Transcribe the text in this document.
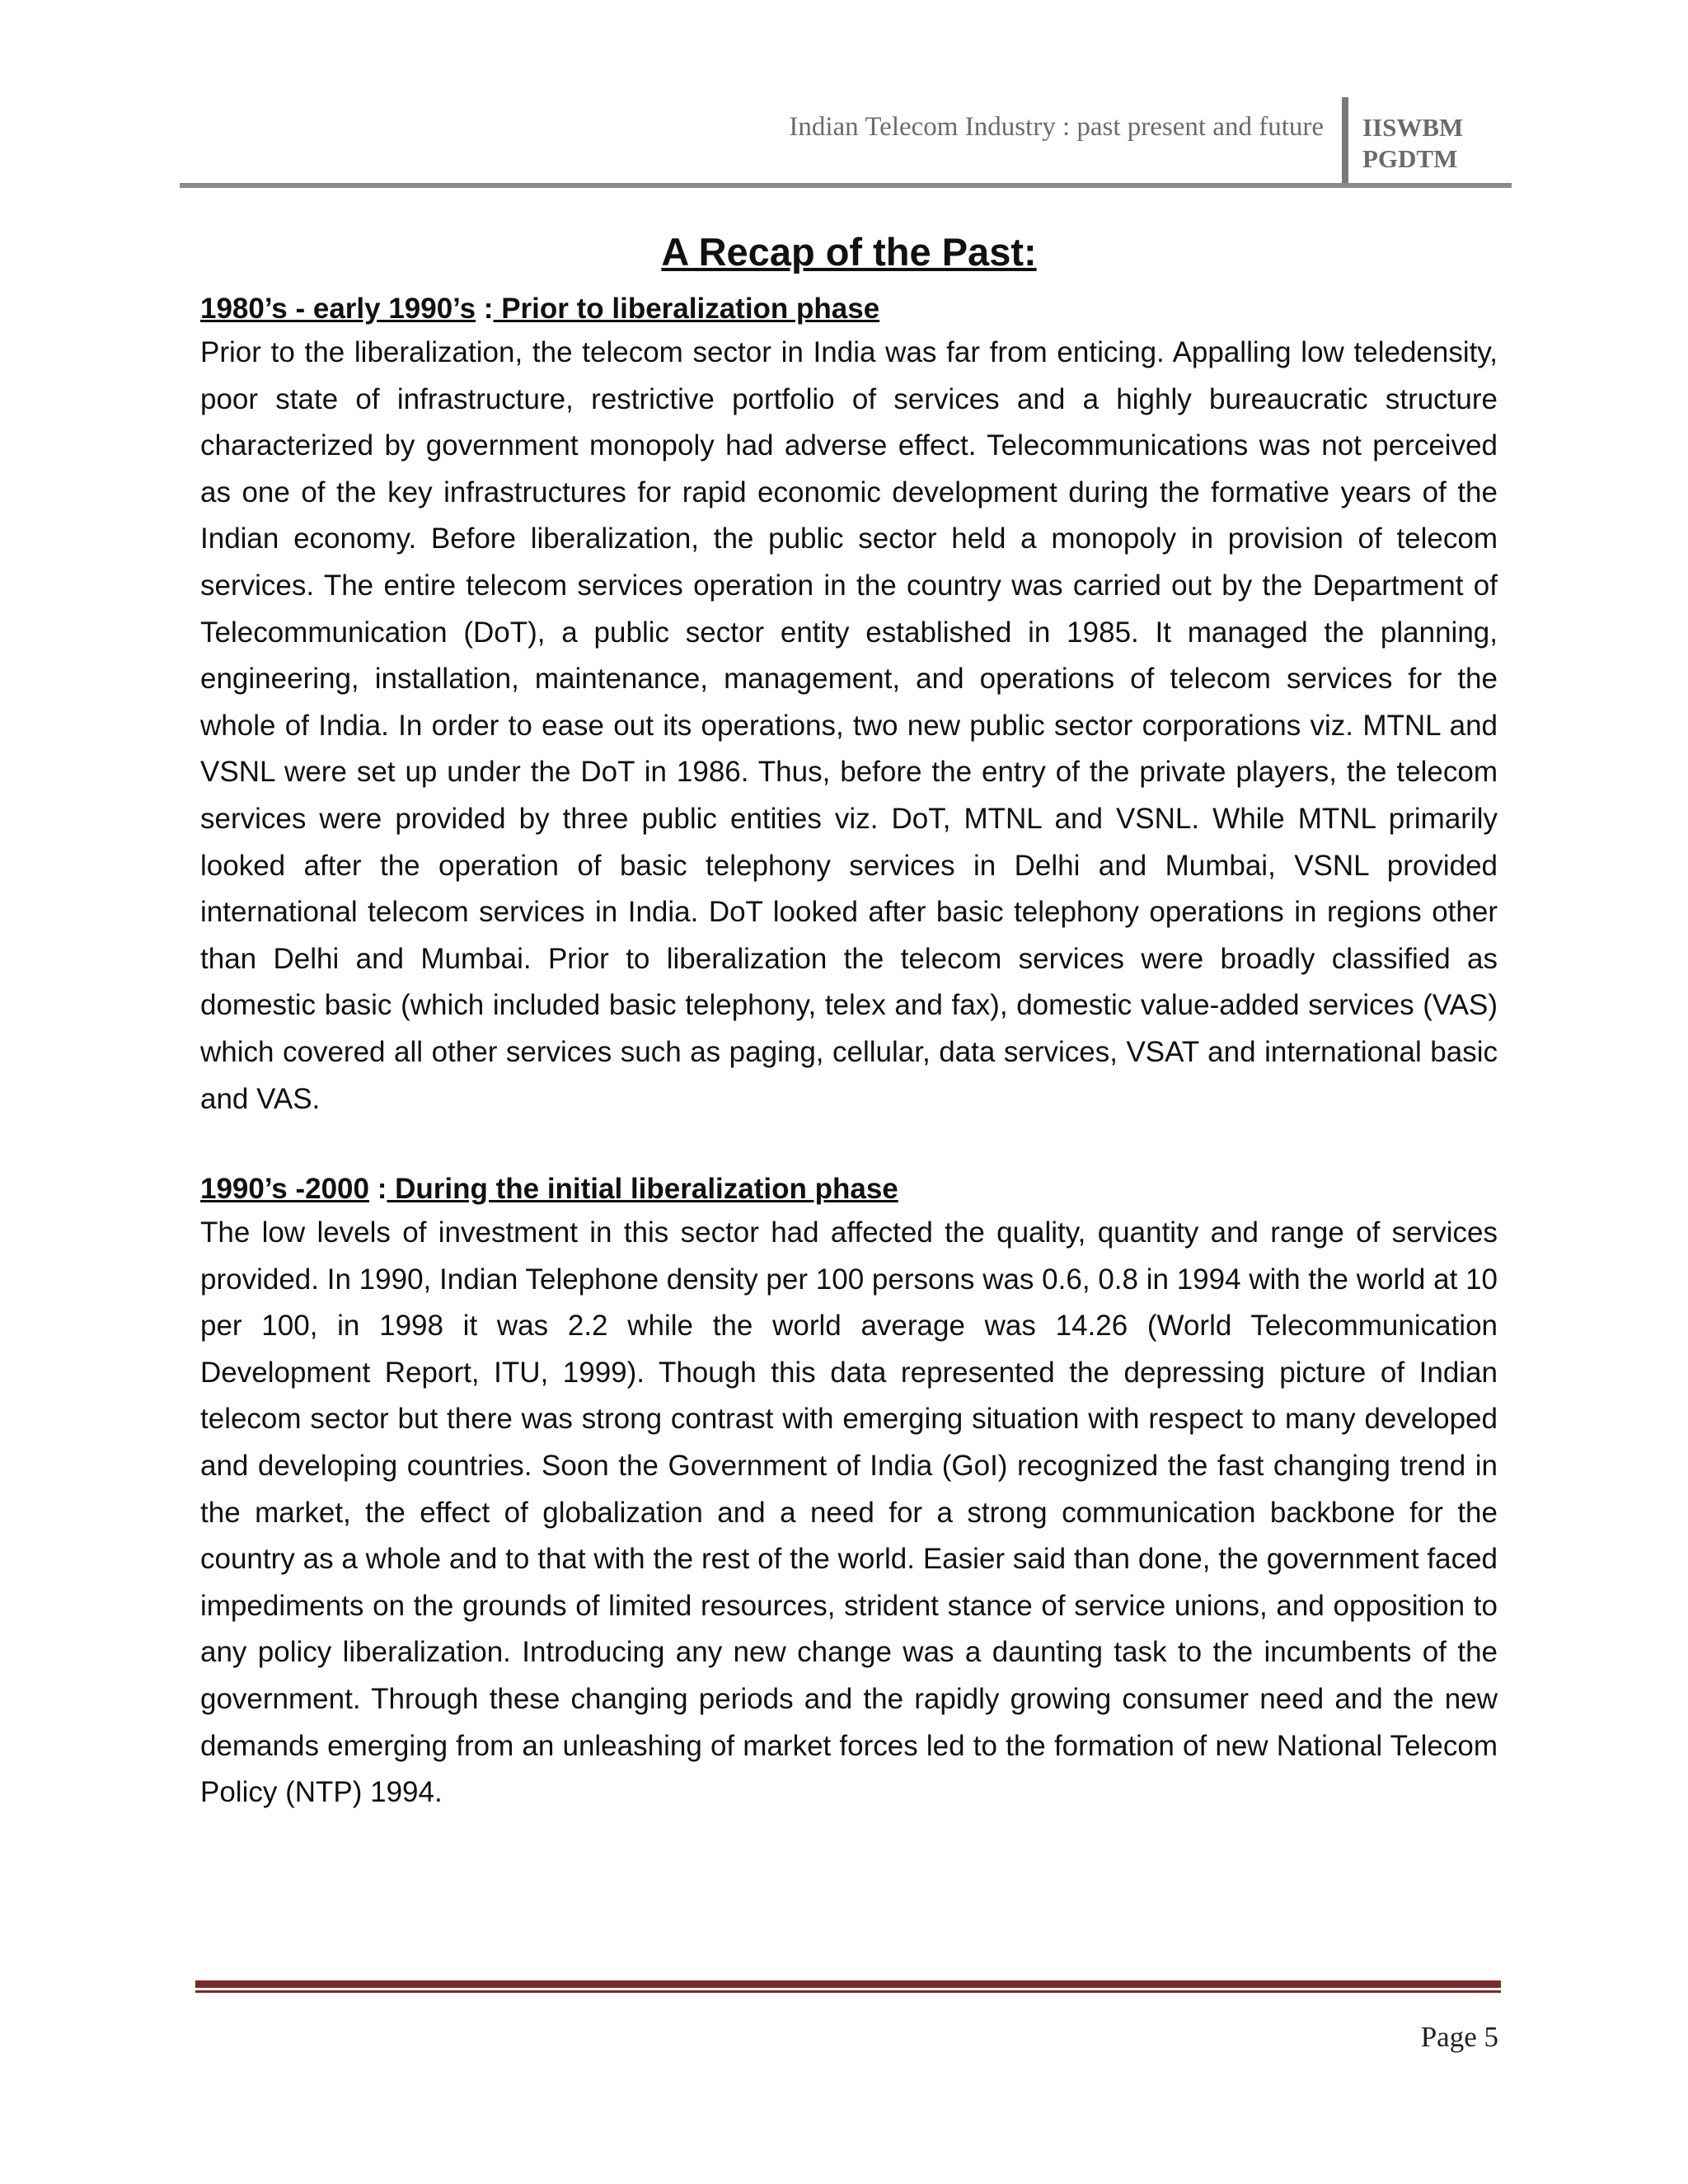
Indian Telecom Industry : past present and future IISWBM
PGDTM
A Recap of the Past:

1980’s - early 1990’s : Prior to liberalization phase

Prior to the liberalization, the telecom sector in India was far from enticing. Appalling low teledensity, poor state of infrastructure, restrictive portfolio of services and a highly bureaucratic structure characterized by government monopoly had adverse effect. Telecommunications was not perceived as one of the key infrastructures for rapid economic development during the formative years of the Indian economy. Before liberalization, the public sector held a monopoly in provision of telecom services. The entire telecom services operation in the country was carried out by the Department of Telecommunication (DoT), a public sector entity established in 1985. It managed the planning, engineering, installation, maintenance, management, and operations of telecom services for the whole of India. In order to ease out its operations, two new public sector corporations viz. MTNL and VSNL were set up under the DoT in 1986. Thus, before the entry of the private players, the telecom services were provided by three public entities viz. DoT, MTNL and VSNL. While MTNL primarily looked after the operation of basic telephony services in Delhi and Mumbai, VSNL provided international telecom services in India. DoT looked after basic telephony operations in regions other than Delhi and Mumbai. Prior to liberalization the telecom services were broadly classified as domestic basic (which included basic telephony, telex and fax), domestic value-added services (VAS) which covered all other services such as paging, cellular, data services, VSAT and international basic and VAS.

1990’s -2000 : During the initial liberalization phase

The low levels of investment in this sector had affected the quality, quantity and range of services provided. In 1990, Indian Telephone density per 100 persons was 0.6, 0.8 in 1994 with the world at 10 per 100, in 1998 it was 2.2 while the world average was 14.26 (World Telecommunication Development Report, ITU, 1999). Though this data represented the depressing picture of Indian telecom sector but there was strong contrast with emerging situation with respect to many developed and developing countries. Soon the Government of India (GoI) recognized the fast changing trend in the market, the effect of globalization and a need for a strong communication backbone for the country as a whole and to that with the rest of the world. Easier said than done, the government faced impediments on the grounds of limited resources, strident stance of service unions, and opposition to any policy liberalization. Introducing any new change was a daunting task to the incumbents of the government. Through these changing periods and the rapidly growing consumer need and the new demands emerging from an unleashing of market forces led to the formation of new National Telecom Policy (NTP) 1994.

Page 5
